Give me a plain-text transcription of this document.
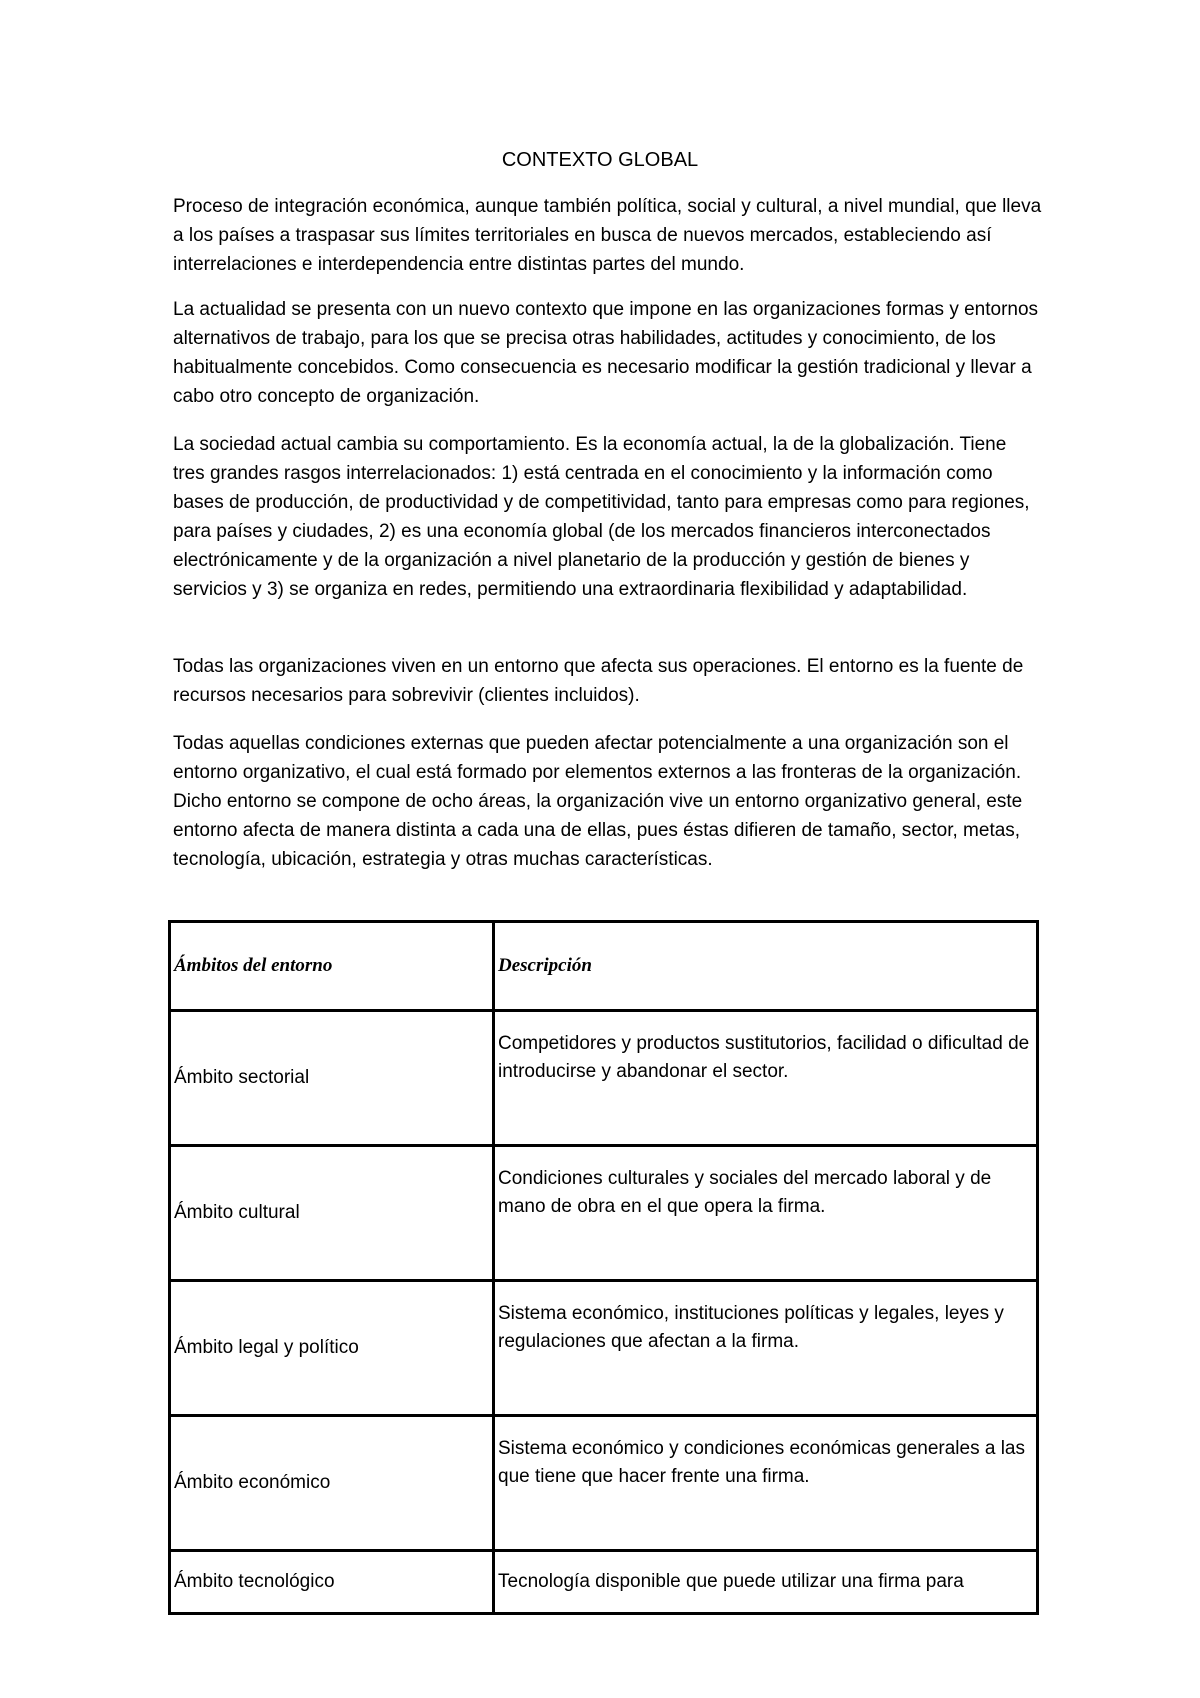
CONTEXTO GLOBAL

Proceso de integración económica, aunque también política, social y cultural, a nivel mundial, que lleva a los países a traspasar sus límites territoriales en busca de nuevos mercados, estableciendo así interrelaciones e interdependencia entre distintas partes del mundo.

La actualidad se presenta con un nuevo contexto que impone en las organizaciones formas y entornos alternativos de trabajo, para los que se precisa otras habilidades, actitudes y conocimiento, de los habitualmente concebidos. Como consecuencia es necesario modificar la gestión tradicional y llevar a cabo otro concepto de organización.

La sociedad actual cambia su comportamiento. Es la economía actual, la de la globalización. Tiene tres grandes rasgos interrelacionados: 1) está centrada en el conocimiento y la información como bases de producción, de productividad y de competitividad, tanto para empresas como para regiones, para países y ciudades, 2) es una economía global (de los mercados financieros interconectados electrónicamente y de la organización a nivel planetario de la producción y gestión de bienes y servicios y 3) se organiza en redes, permitiendo una extraordinaria flexibilidad y adaptabilidad.

Todas las organizaciones viven en un entorno que afecta sus operaciones. El entorno es la fuente de recursos necesarios para sobrevivir (clientes incluidos).

Todas aquellas condiciones externas que pueden afectar potencialmente a una organización son el entorno organizativo, el cual está formado por elementos externos a las fronteras de la organización. Dicho entorno se compone de ocho áreas, la organización vive un entorno organizativo general, este entorno afecta de manera distinta a cada una de ellas, pues éstas difieren de tamaño, sector, metas, tecnología, ubicación, estrategia y otras muchas características.

Ámbitos del entorno	Descripción
Ámbito sectorial	Competidores y productos sustitutorios, facilidad o dificultad de introducirse y abandonar el sector.
Ámbito cultural	Condiciones culturales y sociales del mercado laboral y de mano de obra en el que opera la firma.
Ámbito legal y político	Sistema económico, instituciones políticas y legales, leyes y regulaciones que afectan a la firma.
Ámbito económico	Sistema económico y condiciones económicas generales a las que tiene que hacer frente una firma.
Ámbito tecnológico	Tecnología disponible que puede utilizar una firma para
